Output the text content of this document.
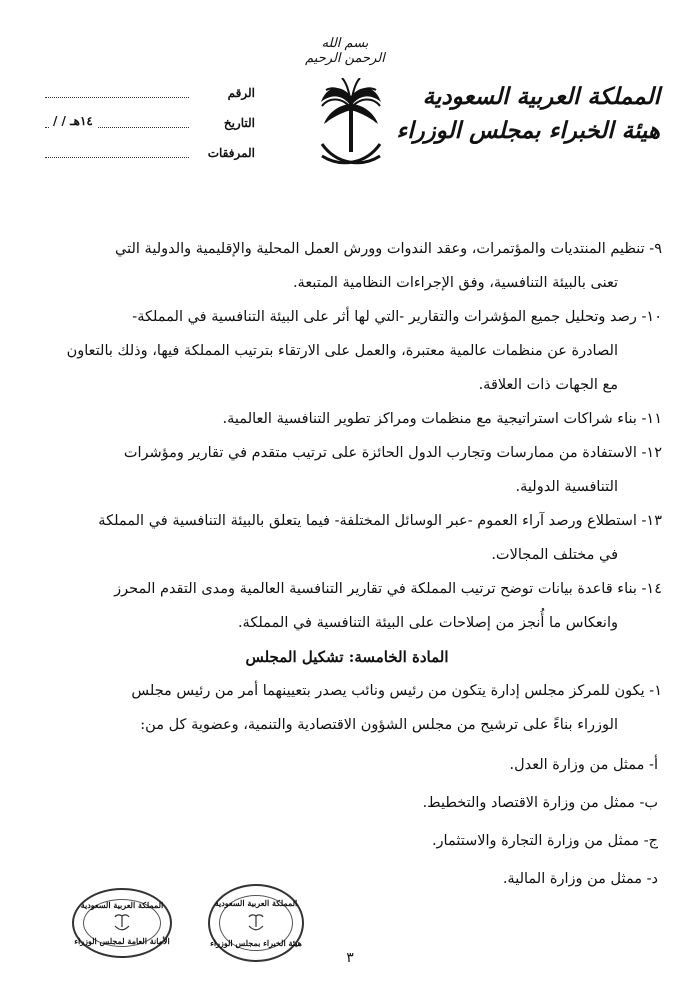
بسم الله الرحمن الرحيم
المملكة العربية السعودية
هيئة الخبراء بمجلس الوزراء
الرقم
التاريخ
/ / ١٤هـ
المرفقات
٩- تنظيم المنتديات والمؤتمرات، وعقد الندوات وورش العمل المحلية والإقليمية والدولية التي
تعنى بالبيئة التنافسية، وفق الإجراءات النظامية المتبعة.
١٠- رصد وتحليل جميع المؤشرات والتقارير -التي لها أثر على البيئة التنافسية في المملكة-
الصادرة عن منظمات عالمية معتبرة، والعمل على الارتقاء بترتيب المملكة فيها، وذلك بالتعاون
مع الجهات ذات العلاقة.
١١- بناء شراكات استراتيجية مع منظمات ومراكز تطوير التنافسية العالمية.
١٢- الاستفادة من ممارسات وتجارب الدول الحائزة على ترتيب متقدم في تقارير ومؤشرات
التنافسية الدولية.
١٣- استطلاع ورصد آراء العموم -عبر الوسائل المختلفة- فيما يتعلق بالبيئة التنافسية في المملكة
في مختلف المجالات.
١٤- بناء قاعدة بيانات توضح ترتيب المملكة في تقارير التنافسية العالمية ومدى التقدم المحرز
وانعكاس ما أُنجز من إصلاحات على البيئة التنافسية في المملكة.
المادة الخامسة: تشكيل المجلس
١- يكون للمركز مجلس إدارة يتكون من رئيس ونائب يصدر بتعيينهما أمر من رئيس مجلس
الوزراء بناءً على ترشيح من مجلس الشؤون الاقتصادية والتنمية، وعضوية كل من:
أ- ممثل من وزارة العدل.
ب- ممثل من وزارة الاقتصاد والتخطيط.
ج- ممثل من وزارة التجارة والاستثمار.
د- ممثل من وزارة المالية.
المملكة العربية السعودية
الأمانة العامة لمجلس الوزراء
المملكة العربية السعودية
هيئة الخبراء بمجلس الوزراء
٣
